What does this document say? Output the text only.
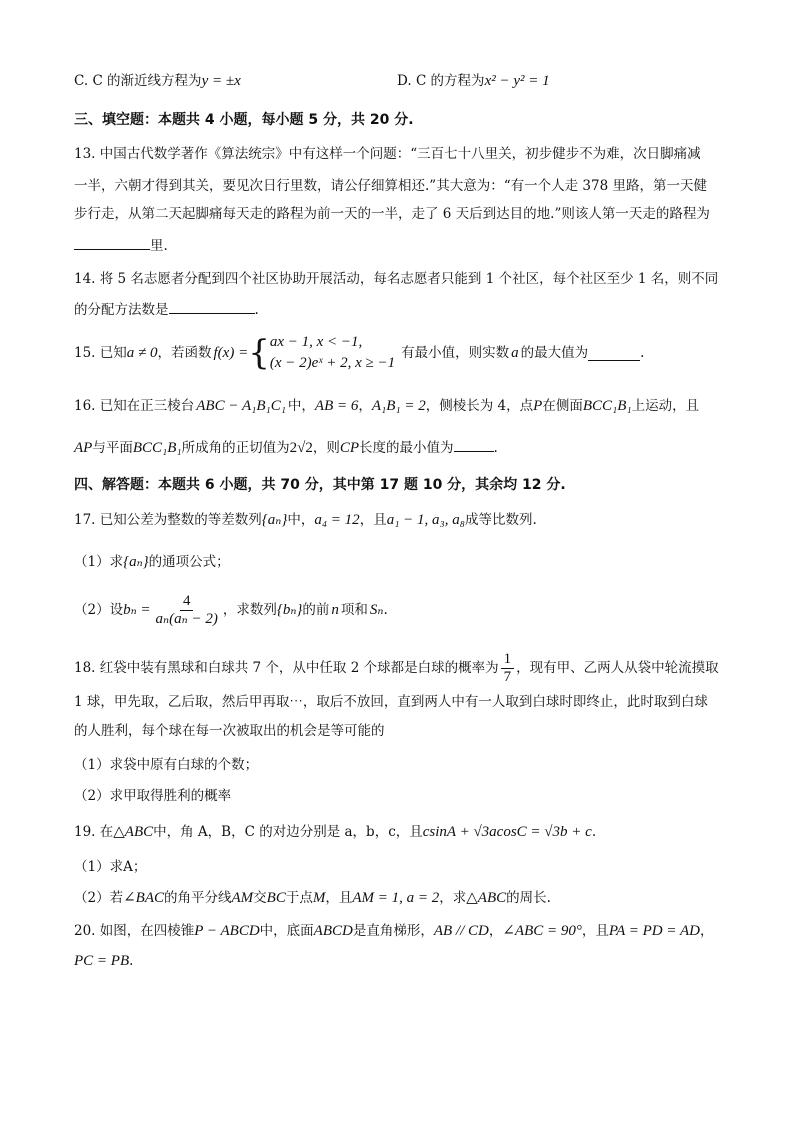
C. C 的渐近线方程为y = ±x	D. C 的方程为x² − y² = 1
三、填空题：本题共 4 小题，每小题 5 分，共 20 分.
13. 中国古代数学著作《算法统宗》中有这样一个问题：“三百七十八里关，初步健步不为难，次日脚痛减
一半，六朝才得到其关，要见次日行里数，请公仔细算相还.”其大意为：“有一个人走 378 里路，第一天健
步行走，从第二天起脚痛每天走的路程为前一天的一半，走了 6 天后到达目的地.”则该人第一天走的路程为
里.
14. 将 5 名志愿者分配到四个社区协助开展活动，每名志愿者只能到 1 个社区，每个社区至少 1 名，则不同
的分配方法数是	.
15. 已知 a ≠ 0 ，若函数 f(x) = { ax − 1, x < −1,
(x − 2)eˣ + 2, x ≥ −1
有最小值，则实数 a 的最大值为	.
16. 已知在正三棱台 ABC − A₁B₁C₁ 中，AB = 6，A₁B₁ = 2，侧棱长为 4，点P在侧面BCC₁B₁上运动，且
AP与平面BCC₁B₁所成角的正切值为2√2，则CP长度的最小值为	.
四、解答题：本题共 6 小题，共 70 分，其中第 17 题 10 分，其余均 12 分.
17. 已知公差为整数的等差数列{aₙ}中，a₄ = 12，且a₁ − 1, a₃, a₈成等比数列.
（1）求{aₙ}的通项公式；
（2）设 $b_n = \frac{4}{\text{aₙ(aₙ − 2)}}$ ，求数列 {bₙ} 的前 n 项和 Sₙ .
18. 红袋中装有黑球和白球共 7 个，从中任取 2 个球都是白球的概率为 $\frac{1}{7}$ ，现有甲、乙两人从袋中轮流摸取
1 球，甲先取，乙后取，然后甲再取⋯，取后不放回，直到两人中有一人取到白球时即终止，此时取到白球
的人胜利，每个球在每一次被取出的机会是等可能的
（1）求袋中原有白球的个数；
（2）求甲取得胜利的概率
19. 在△ABC中，角 A，B，C 的对边分别是 a，b，c，且csinA + √3acosC = √3b + c.
（1）求A；
（2）若∠BAC的角平分线AM交BC于点M，且AM = 1, a = 2，求△ABC的周长.
20. 如图，在四棱锥P − ABCD中，底面ABCD是直角梯形，AB // CD，∠ABC = 90°，且PA = PD = AD，
PC = PB.
